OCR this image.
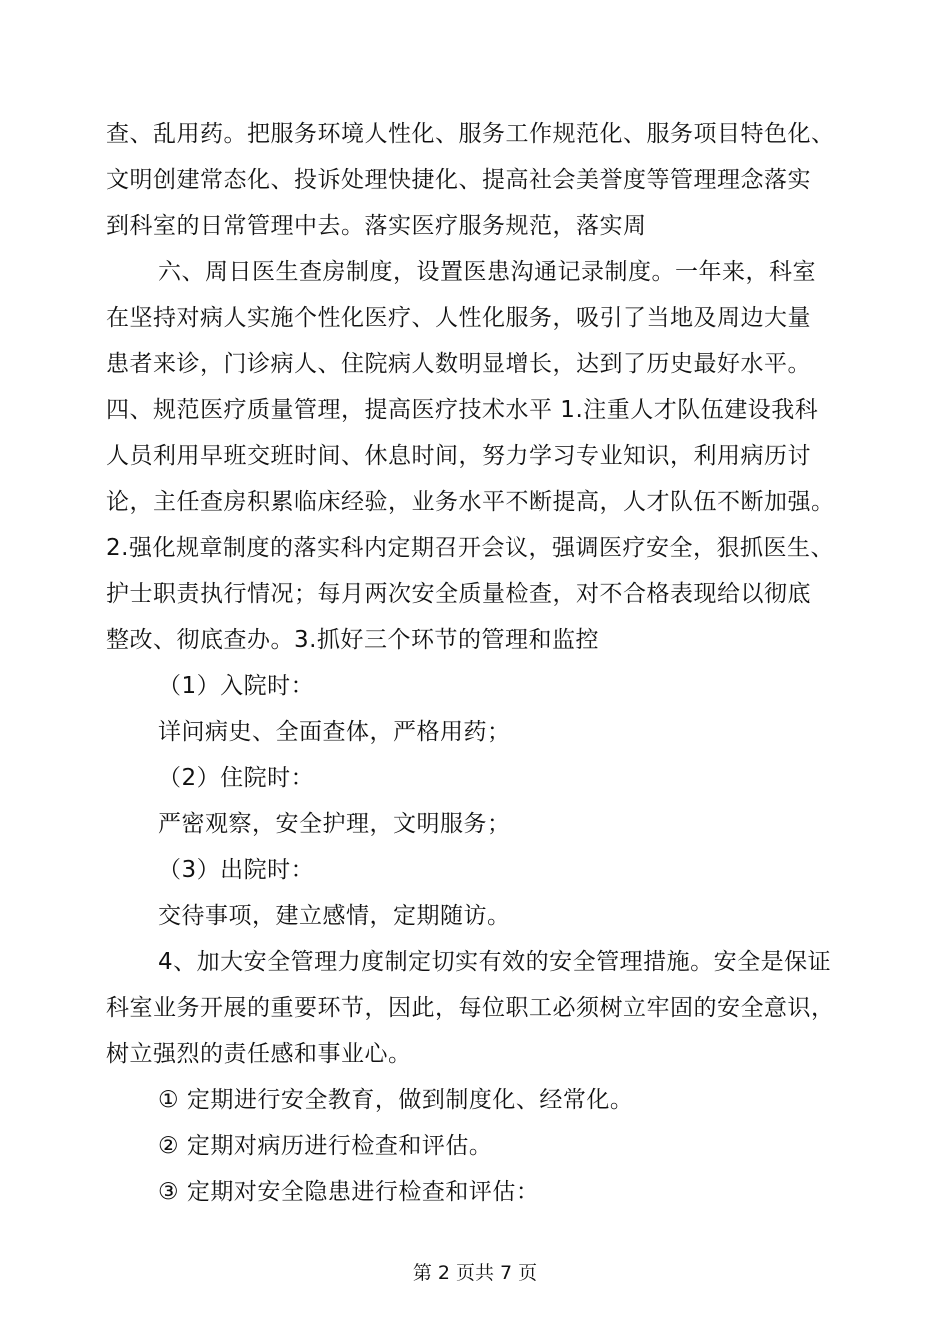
查、乱用药。把服务环境人性化、服务工作规范化、服务项目特色化、
文明创建常态化、投诉处理快捷化、提高社会美誉度等管理理念落实
到科室的日常管理中去。落实医疗服务规范，落实周
六、周日医生查房制度，设置医患沟通记录制度。一年来，科室
在坚持对病人实施个性化医疗、人性化服务，吸引了当地及周边大量
患者来诊，门诊病人、住院病人数明显增长，达到了历史最好水平。
四、规范医疗质量管理，提高医疗技术水平 1.注重人才队伍建设我科
人员利用早班交班时间、休息时间，努力学习专业知识，利用病历讨
论，主任查房积累临床经验，业务水平不断提高，人才队伍不断加强。
2.强化规章制度的落实科内定期召开会议，强调医疗安全，狠抓医生、
护士职责执行情况；每月两次安全质量检查，对不合格表现给以彻底
整改、彻底查办。3.抓好三个环节的管理和监控
（1）入院时：
详问病史、全面查体，严格用药；
（2）住院时：
严密观察，安全护理，文明服务；
（3）出院时：
交待事项，建立感情，定期随访。
4、加大安全管理力度制定切实有效的安全管理措施。安全是保证
科室业务开展的重要环节，因此，每位职工必须树立牢固的安全意识，
树立强烈的责任感和事业心。
① 定期进行安全教育，做到制度化、经常化。
② 定期对病历进行检查和评估。
③ 定期对安全隐患进行检查和评估：
第 2 页共 7 页
